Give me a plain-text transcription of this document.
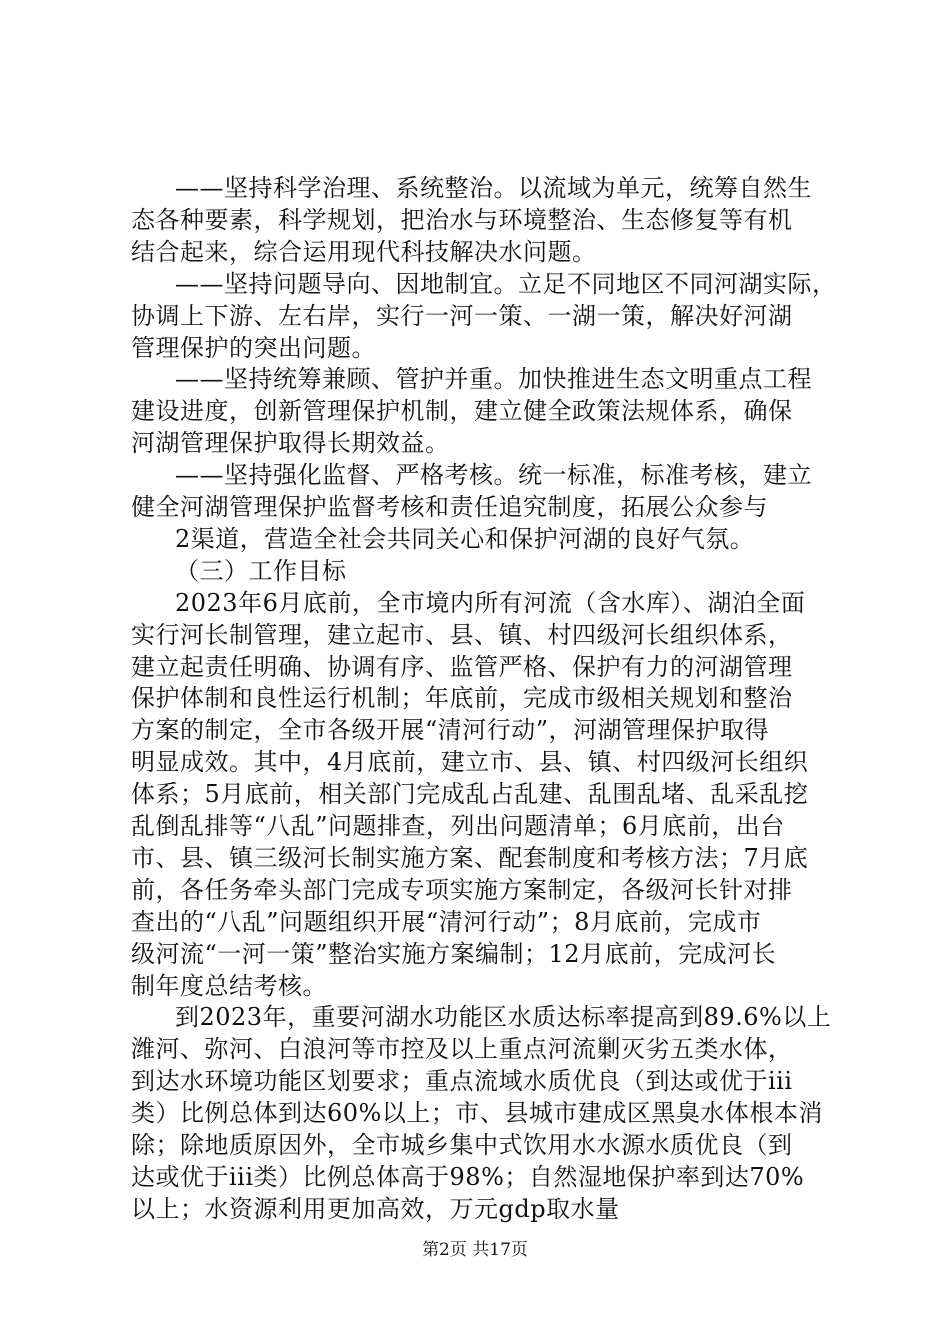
——坚持科学治理、系统整治。以流域为单元，统筹自然生
态各种要素，科学规划，把治水与环境整治、生态修复等有机
结合起来，综合运用现代科技解决水问题。
——坚持问题导向、因地制宜。立足不同地区不同河湖实际，
协调上下游、左右岸，实行一河一策、一湖一策，解决好河湖
管理保护的突出问题。
——坚持统筹兼顾、管护并重。加快推进生态文明重点工程
建设进度，创新管理保护机制，建立健全政策法规体系，确保
河湖管理保护取得长期效益。
——坚持强化监督、严格考核。统一标准，标准考核，建立
健全河湖管理保护监督考核和责任追究制度，拓展公众参与
2渠道，营造全社会共同关心和保护河湖的良好气氛。
（三）工作目标
2023年6月底前，全市境内所有河流（含水库）、湖泊全面
实行河长制管理，建立起市、县、镇、村四级河长组织体系，
建立起责任明确、协调有序、监管严格、保护有力的河湖管理
保护体制和良性运行机制；年底前，完成市级相关规划和整治
方案的制定，全市各级开展“清河行动”，河湖管理保护取得
明显成效。其中，4月底前，建立市、县、镇、村四级河长组织
体系；5月底前，相关部门完成乱占乱建、乱围乱堵、乱采乱挖
乱倒乱排等“八乱”问题排查，列出问题清单；6月底前，出台
市、县、镇三级河长制实施方案、配套制度和考核方法；7月底
前，各任务牵头部门完成专项实施方案制定，各级河长针对排
查出的“八乱”问题组织开展“清河行动”；8月底前，完成市
级河流“一河一策”整治实施方案编制；12月底前，完成河长
制年度总结考核。
到2023年，重要河湖水功能区水质达标率提高到89.6%以上
潍河、弥河、白浪河等市控及以上重点河流剿灭劣五类水体，
第2页 共17页
到达水环境功能区划要求；重点流域水质优良（到达或优于iii
类）比例总体到达60%以上；市、县城市建成区黑臭水体根本消
除；除地质原因外，全市城乡集中式饮用水水源水质优良（到
达或优于iii类）比例总体高于98%；自然湿地保护率到达70%
以上；水资源利用更加高效，万元gdp取水量
